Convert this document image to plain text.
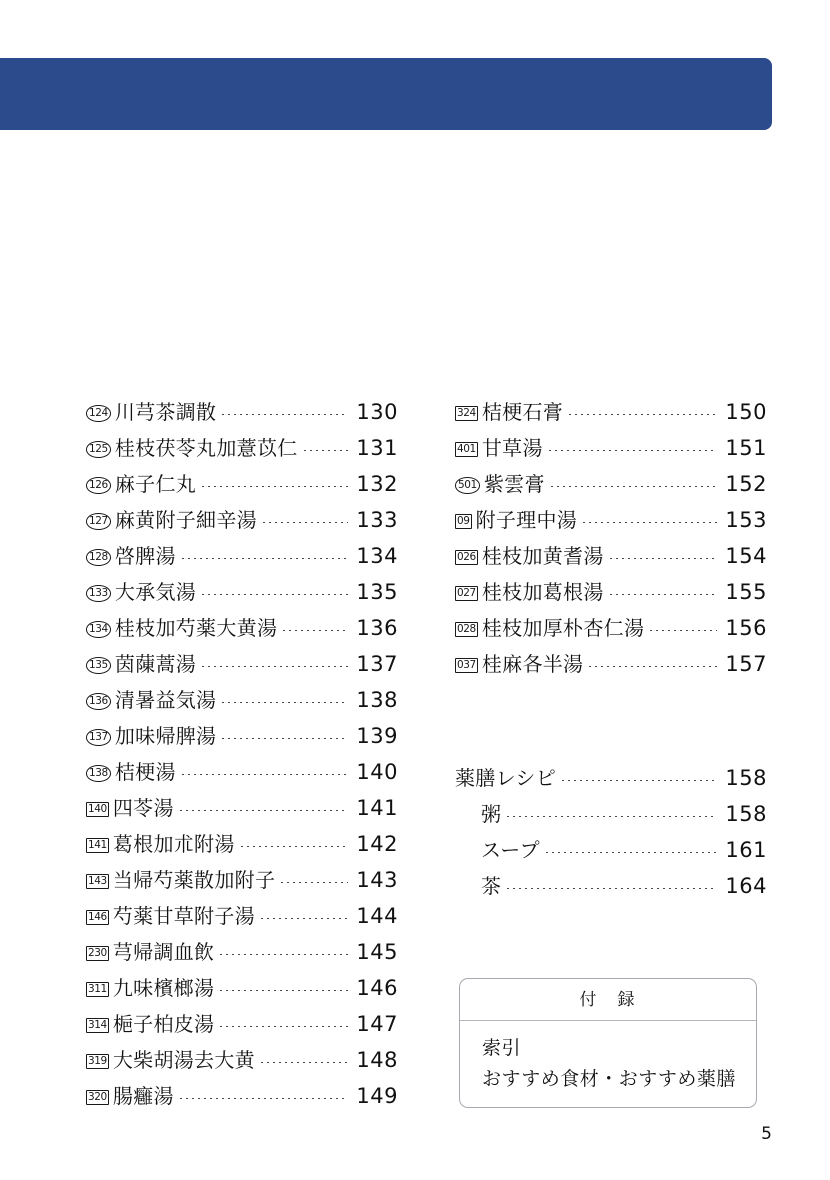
124 川芎茶調散	130
125 桂枝茯苓丸加薏苡仁	131
126 麻子仁丸	132
127 麻黄附子細辛湯	133
128 啓脾湯	134
133 大承気湯	135
134 桂枝加芍薬大黄湯	136
135 茵蔯蒿湯	137
136 清暑益気湯	138
137 加味帰脾湯	139
138 桔梗湯	140
140 四苓湯	141
141 葛根加朮附湯	142
143 当帰芍薬散加附子	143
146 芍薬甘草附子湯	144
230 芎帰調血飲	145
311 九味檳榔湯	146
314 梔子柏皮湯	147
319 大柴胡湯去大黄	148
320 腸癰湯	149
324 桔梗石膏	150
401 甘草湯	151
501 紫雲膏	152
09 附子理中湯	153
026 桂枝加黄耆湯	154
027 桂枝加葛根湯	155
028 桂枝加厚朴杏仁湯	156
037 桂麻各半湯	157
薬膳レシピ	158
粥	158
スープ	161
茶	164
付　録
索引
おすすめ食材・おすすめ薬膳
5
